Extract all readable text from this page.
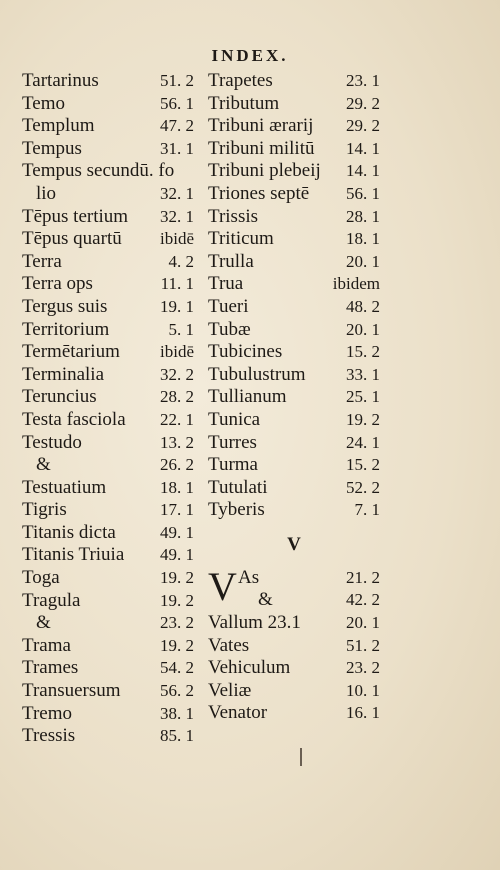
INDEX.
Tartarinus	51. 2
Temo	56. 1
Templum	47. 2
Tempus	31. 1
Tempus secundū. fo
lio	32. 1
Tēpus tertium 32. 1
Tēpus quartū ibidē
Terra	4. 2
Terra ops	11. 1
Tergus suis	19. 1
Territorium	5. 1
Termētarium ibidē
Terminalia	32. 2
Teruncius	28. 2
Testa fasciola 22. 1
Testudo	13. 2
&	26. 2
Testuatium	18. 1
Tigris	17. 1
Titanis dicta	49. 1
Titanis Triuia 49. 1
Toga	19. 2
Tragula	19. 2
&	23. 2
Trama	19. 2
Trames	54. 2
Transuersum 56. 2
Tremo	38. 1
Tressis	85. 1
Trapetes	23. 1
Tributum	29. 2
Tribuni ærarij 29. 2
Tribuni militū 14. 1
Tribuni plebeij 14. 1
Triones septē 56. 1
Trissis	28. 1
Triticum	18. 1
Trulla	20. 1
Trua	ibidem
Tueri	48. 2
Tubæ	20. 1
Tubicines	15. 2
Tubulustrum 33. 1
Tullianum	25. 1
Tunica	19. 2
Turres	24. 1
Turma	15. 2
Tutulati	52. 2
Tyberis	7. 1
V
V As	21. 2
&	42. 2
Vallum 23.1	20. 1
Vates	51. 2
Vehiculum	23. 2
Veliæ	10. 1
Venator	16. 1
